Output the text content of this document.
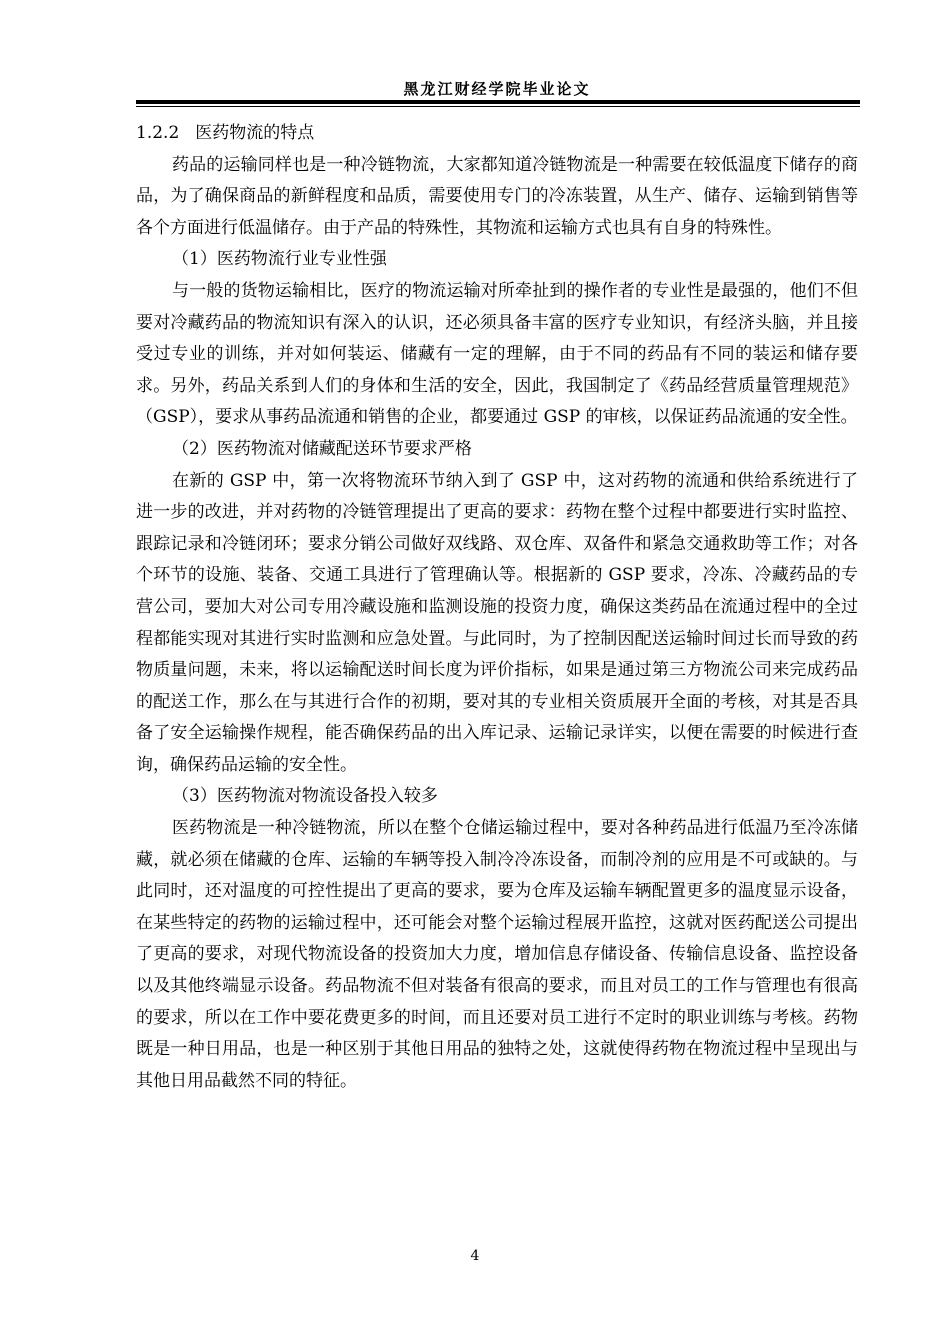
黑龙江财经学院毕业论文

1.2.2 医药物流的特点

药品的运输同样也是一种冷链物流，大家都知道冷链物流是一种需要在较低温度下储存的商品，为了确保商品的新鲜程度和品质，需要使用专门的冷冻装置，从生产、储存、运输到销售等各个方面进行低温储存。由于产品的特殊性，其物流和运输方式也具有自身的特殊性。

（1）医药物流行业专业性强

与一般的货物运输相比，医疗的物流运输对所牵扯到的操作者的专业性是最强的，他们不但要对冷藏药品的物流知识有深入的认识，还必须具备丰富的医疗专业知识，有经济头脑，并且接受过专业的训练，并对如何装运、储藏有一定的理解，由于不同的药品有不同的装运和储存要求。另外，药品关系到人们的身体和生活的安全，因此，我国制定了《药品经营质量管理规范》（GSP），要求从事药品流通和销售的企业，都要通过 GSP 的审核，以保证药品流通的安全性。

（2）医药物流对储藏配送环节要求严格

在新的 GSP 中，第一次将物流环节纳入到了 GSP 中，这对药物的流通和供给系统进行了进一步的改进，并对药物的冷链管理提出了更高的要求：药物在整个过程中都要进行实时监控、跟踪记录和冷链闭环；要求分销公司做好双线路、双仓库、双备件和紧急交通救助等工作；对各个环节的设施、装备、交通工具进行了管理确认等。根据新的 GSP 要求，冷冻、冷藏药品的专营公司，要加大对公司专用冷藏设施和监测设施的投资力度，确保这类药品在流通过程中的全过程都能实现对其进行实时监测和应急处置。与此同时，为了控制因配送运输时间过长而导致的药物质量问题，未来，将以运输配送时间长度为评价指标，如果是通过第三方物流公司来完成药品的配送工作，那么在与其进行合作的初期，要对其的专业相关资质展开全面的考核，对其是否具备了安全运输操作规程，能否确保药品的出入库记录、运输记录详实，以便在需要的时候进行查询，确保药品运输的安全性。

（3）医药物流对物流设备投入较多

医药物流是一种冷链物流，所以在整个仓储运输过程中，要对各种药品进行低温乃至冷冻储藏，就必须在储藏的仓库、运输的车辆等投入制冷冷冻设备，而制冷剂的应用是不可或缺的。与此同时，还对温度的可控性提出了更高的要求，要为仓库及运输车辆配置更多的温度显示设备，在某些特定的药物的运输过程中，还可能会对整个运输过程展开监控，这就对医药配送公司提出了更高的要求，对现代物流设备的投资加大力度，增加信息存储设备、传输信息设备、监控设备以及其他终端显示设备。药品物流不但对装备有很高的要求，而且对员工的工作与管理也有很高的要求，所以在工作中要花费更多的时间，而且还要对员工进行不定时的职业训练与考核。药物既是一种日用品，也是一种区别于其他日用品的独特之处，这就使得药物在物流过程中呈现出与其他日用品截然不同的特征。

4
